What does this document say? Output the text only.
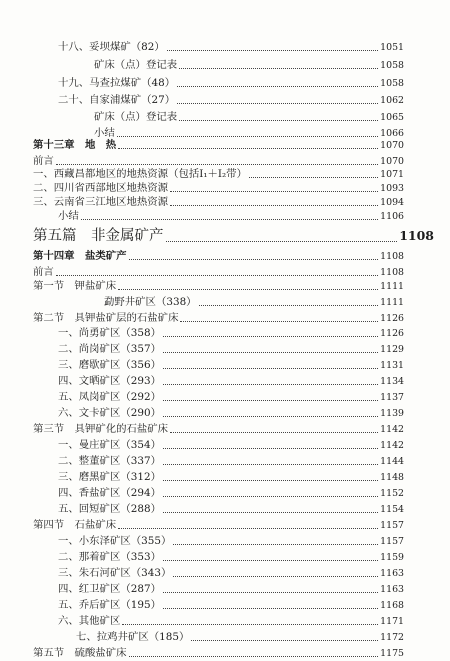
十八、妥坝煤矿（82）	1051
矿床（点）登记表	1058
十九、马查拉煤矿（48）	1058
二十、自家浦煤矿（27）	1062
矿床（点）登记表	1065
小结	1066
第十三章　地　热	1070
前言	1070
一、西藏昌都地区的地热资源（包括Ⅰ₁＋Ⅰ₂带）	1071
二、四川省西部地区地热资源	1093
三、云南省三江地区地热资源	1094
小结	1106
第五篇　非金属矿产	1108
第十四章　盐类矿产	1108
前言	1108
第一节　钾盐矿床	1111
勐野井矿区（338）	1111
第二节　具钾盐矿层的石盐矿床	1126
一、尚勇矿区（358）	1126
二、尚岗矿区（357）	1129
三、磨歇矿区（356）	1131
四、文晒矿区（293）	1134
五、凤岗矿区（292）	1137
六、文卡矿区（290）	1139
第三节　具钾矿化的石盐矿床	1142
一、曼庄矿区（354）	1142
二、整董矿区（337）	1144
三、磨黑矿区（312）	1148
四、香盐矿区（294）	1152
五、回短矿区（288）	1154
第四节　石盐矿床	1157
一、小东泽矿区（355）	1157
二、那着矿区（353）	1159
三、朱石河矿区（343）	1163
四、红卫矿区（287）	1163
五、乔后矿区（195）	1168
六、其他矿区	1171
七、拉鸡井矿区（185）	1172
第五节　硫酸盐矿床	1175
